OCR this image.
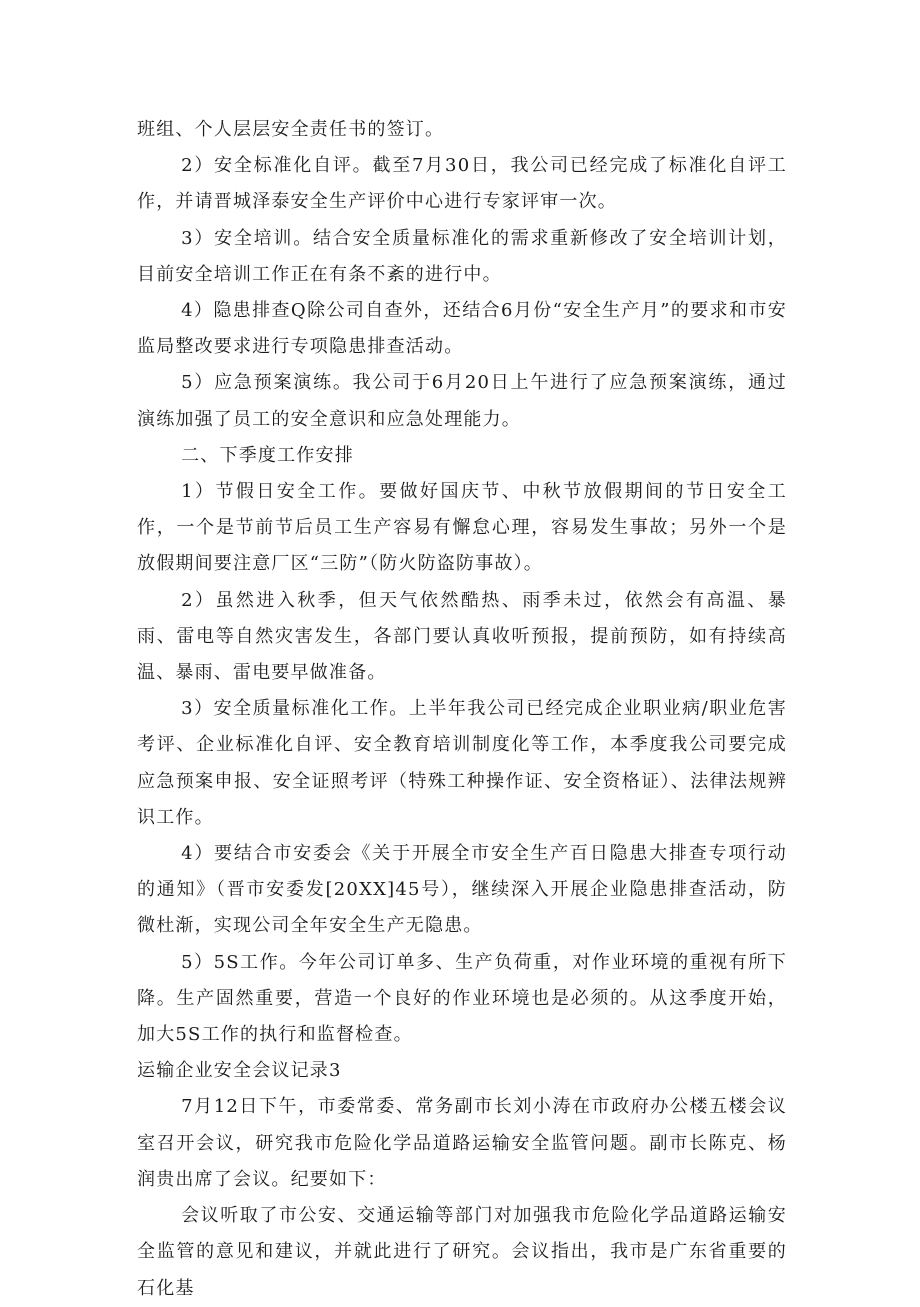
班组、个人层层安全责任书的签订。

2）安全标准化自评。截至7月30日，我公司已经完成了标准化自评工作，并请晋城泽泰安全生产评价中心进行专家评审一次。

3）安全培训。结合安全质量标准化的需求重新修改了安全培训计划，目前安全培训工作正在有条不紊的进行中。

4）隐患排查Q除公司自查外，还结合6月份“安全生产月”的要求和市安监局整改要求进行专项隐患排查活动。

5）应急预案演练。我公司于6月20日上午进行了应急预案演练，通过演练加强了员工的安全意识和应急处理能力。

二、下季度工作安排

1）节假日安全工作。要做好国庆节、中秋节放假期间的节日安全工作，一个是节前节后员工生产容易有懈怠心理，容易发生事故；另外一个是放假期间要注意厂区“三防”（防火防盗防事故）。

2）虽然进入秋季，但天气依然酷热、雨季未过，依然会有高温、暴雨、雷电等自然灾害发生，各部门要认真收听预报，提前预防，如有持续高温、暴雨、雷电要早做准备。

3）安全质量标准化工作。上半年我公司已经完成企业职业病/职业危害考评、企业标准化自评、安全教育培训制度化等工作，本季度我公司要完成应急预案申报、安全证照考评（特殊工种操作证、安全资格证）、法律法规辨识工作。

4）要结合市安委会《关于开展全市安全生产百日隐患大排查专项行动的通知》（晋市安委发[20XX]45号），继续深入开展企业隐患排查活动，防微杜渐，实现公司全年安全生产无隐患。

5）5S工作。今年公司订单多、生产负荷重，对作业环境的重视有所下降。生产固然重要，营造一个良好的作业环境也是必须的。从这季度开始，加大5S工作的执行和监督检查。

运输企业安全会议记录3

7月12日下午，市委常委、常务副市长刘小涛在市政府办公楼五楼会议室召开会议，研究我市危险化学品道路运输安全监管问题。副市长陈克、杨润贵出席了会议。纪要如下：

会议听取了市公安、交通运输等部门对加强我市危险化学品道路运输安全监管的意见和建议，并就此进行了研究。会议指出，我市是广东省重要的石化基
